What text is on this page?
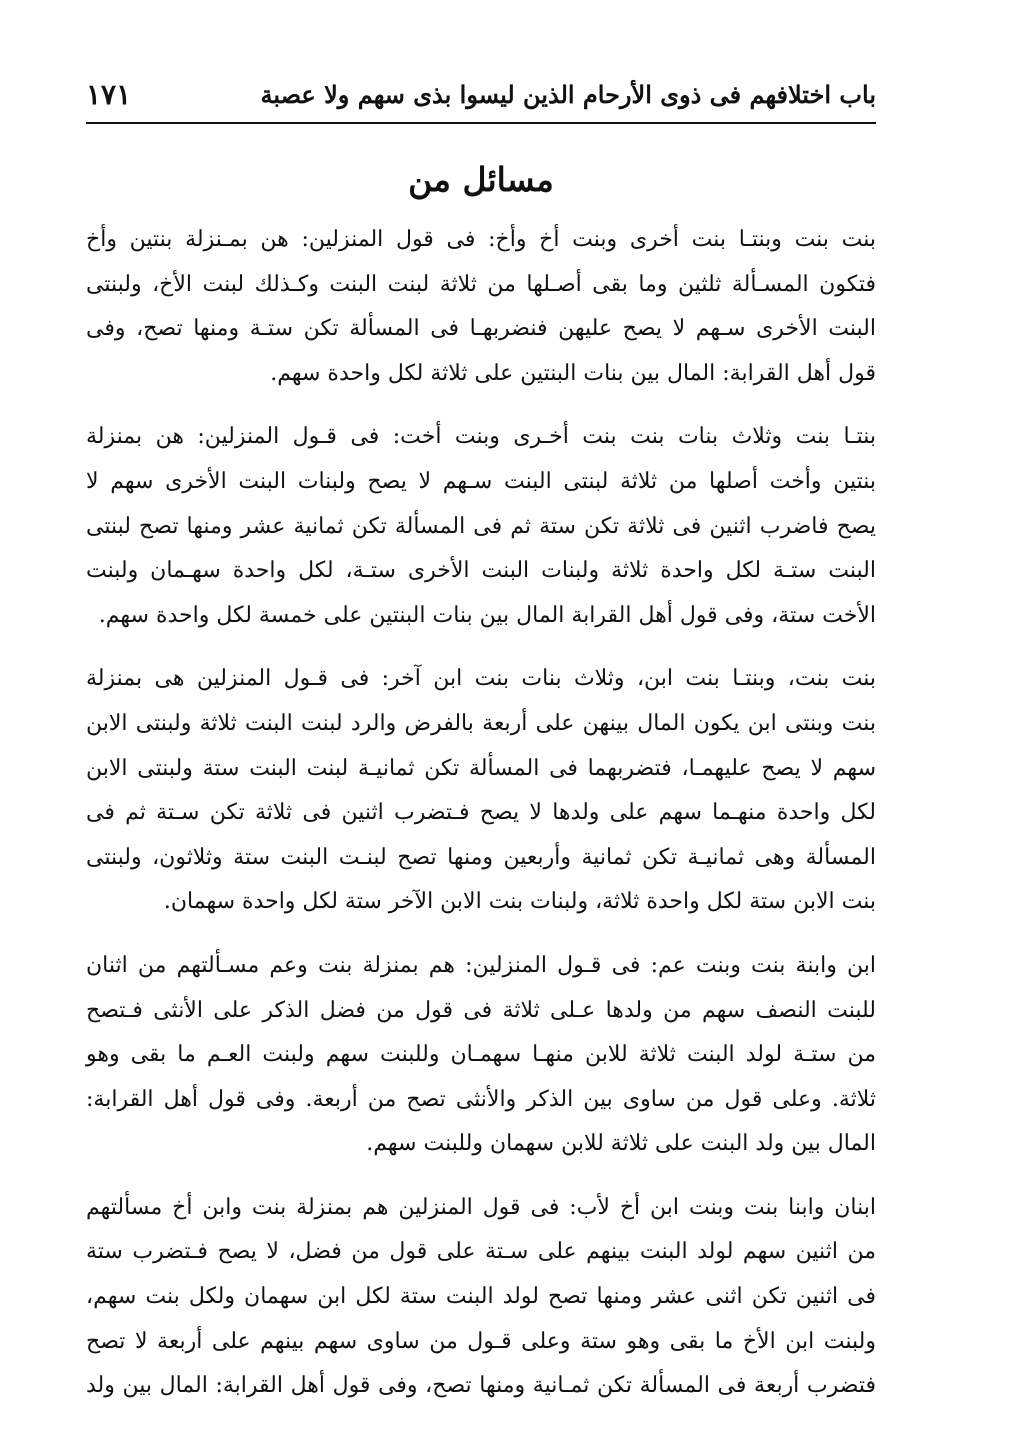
باب اختلافهم فى ذوى الأرحام الذين ليسوا بذى سهم ولا عصبة
١٧١
مسائل من

بنت بنت وبنتـا بنت أخرى وبنت أخ وأخ: فى قول المنزلين: هن بمـنزلة بنتين وأخ
فتكون المسـألة ثلثين وما بقى أصـلها من ثلاثة لبنت البنت وكـذلك لبنت الأخ، ولبنتى
البنت الأخرى سـهم لا يصح عليهن فنضربهـا فى المسألة تكن ستـة ومنها تصح، وفى
قول أهل القرابة: المال بين بنات البنتين على ثلاثة لكل واحدة سهم.

بنتـا بنت وثلاث بنات بنت بنت أخـرى وبنت أخت: فى قـول المنزلين: هن بمنزلة
بنتين وأخت أصلها من ثلاثة لبنتى البنت سـهم لا يصح ولبنات البنت الأخرى سهم لا
يصح فاضرب اثنين فى ثلاثة تكن ستة ثم فى المسألة تكن ثمانية عشر ومنها تصح لبنتى
البنت ستـة لكل واحدة ثلاثة ولبنات البنت الأخرى ستـة، لكل واحدة سهـمان ولبنت
الأخت ستة، وفى قول أهل القرابة المال بين بنات البنتين على خمسة لكل واحدة سهم.

بنت بنت، وبنتـا بنت ابن، وثلاث بنات بنت ابن آخر: فى قـول المنزلين هى بمنزلة
بنت وبنتى ابن يكون المال بينهن على أربعة بالفرض والرد لبنت البنت ثلاثة ولبنتى الابن
سهم لا يصح عليهمـا، فتضربهما فى المسألة تكن ثمانيـة لبنت البنت ستة ولبنتى الابن
لكل واحدة منهـما سهم على ولدها لا يصح فـتضرب اثنين فى ثلاثة تكن سـتة ثم فى
المسألة وهى ثمانيـة تكن ثمانية وأربعين ومنها تصح لبنـت البنت ستة وثلاثون، ولبنتى
بنت الابن ستة لكل واحدة ثلاثة، ولبنات بنت الابن الآخر ستة لكل واحدة سهمان.

ابن وابنة بنت وبنت عم: فى قـول المنزلين: هم بمنزلة بنت وعم مسـألتهم من اثنان
للبنت النصف سهم من ولدها عـلى ثلاثة فى قول من فضل الذكر على الأنثى فـتصح
من ستـة لولد البنت ثلاثة للابن منهـا سهمـان وللبنت سهم ولبنت العـم ما بقى وهو
ثلاثة. وعلى قول من ساوى بين الذكر والأنثى تصح من أربعة. وفى قول أهل القرابة:
المال بين ولد البنت على ثلاثة للابن سهمان وللبنت سهم.

ابنان وابنا بنت وبنت ابن أخ لأب: فى قول المنزلين هم بمنزلة بنت وابن أخ مسألتهم
من اثنين سهم لولد البنت بينهم على سـتة على قول من فضل، لا يصح فـتضرب ستة
فى اثنين تكن اثنى عشر ومنها تصح لولد البنت ستة لكل ابن سهمان ولكل بنت سهم،
ولبنت ابن الأخ ما بقى وهو ستة وعلى قـول من ساوى سهم بينهم على أربعة لا تصح
فتضرب أربعة فى المسألة تكن ثمـانية ومنها تصح، وفى قول أهل القرابة: المال بين ولد
